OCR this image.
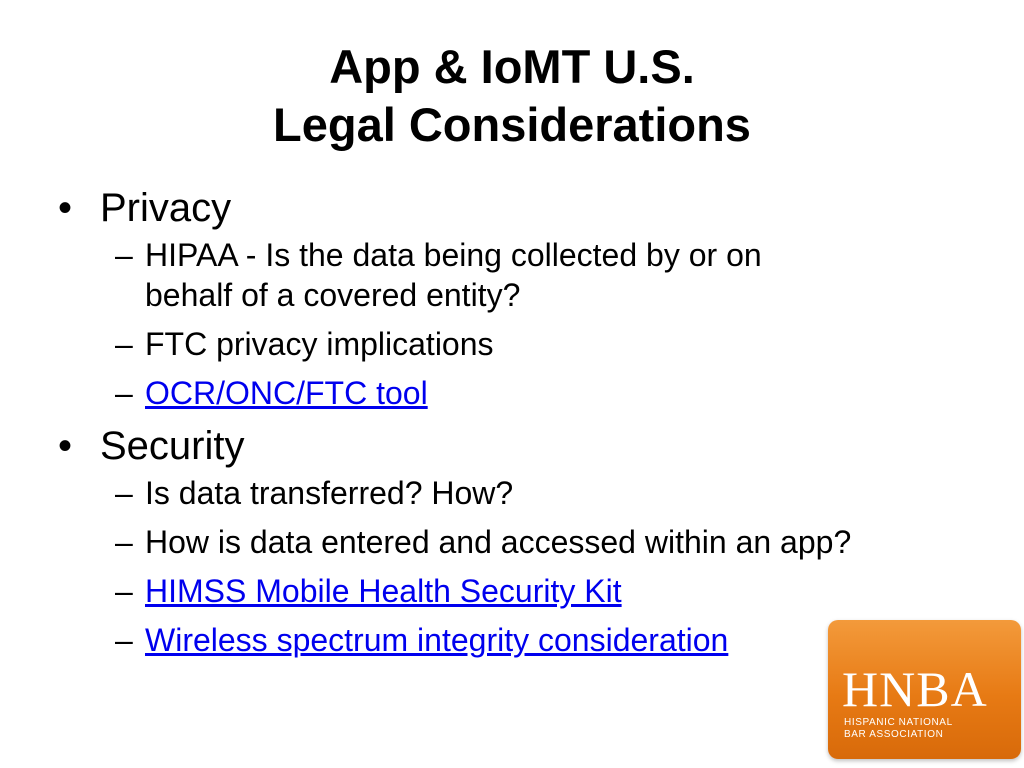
App & IoMT U.S.
Legal Considerations
• Privacy
– HIPAA - Is the data being collected by or on
behalf of a covered entity?
– FTC privacy implications
– OCR/ONC/FTC tool
• Security
– Is data transferred? How?
– How is data entered and accessed within an app?
– HIMSS Mobile Health Security Kit
– Wireless spectrum integrity consideration
HNBA
HISPANIC NATIONAL
BAR ASSOCIATION
